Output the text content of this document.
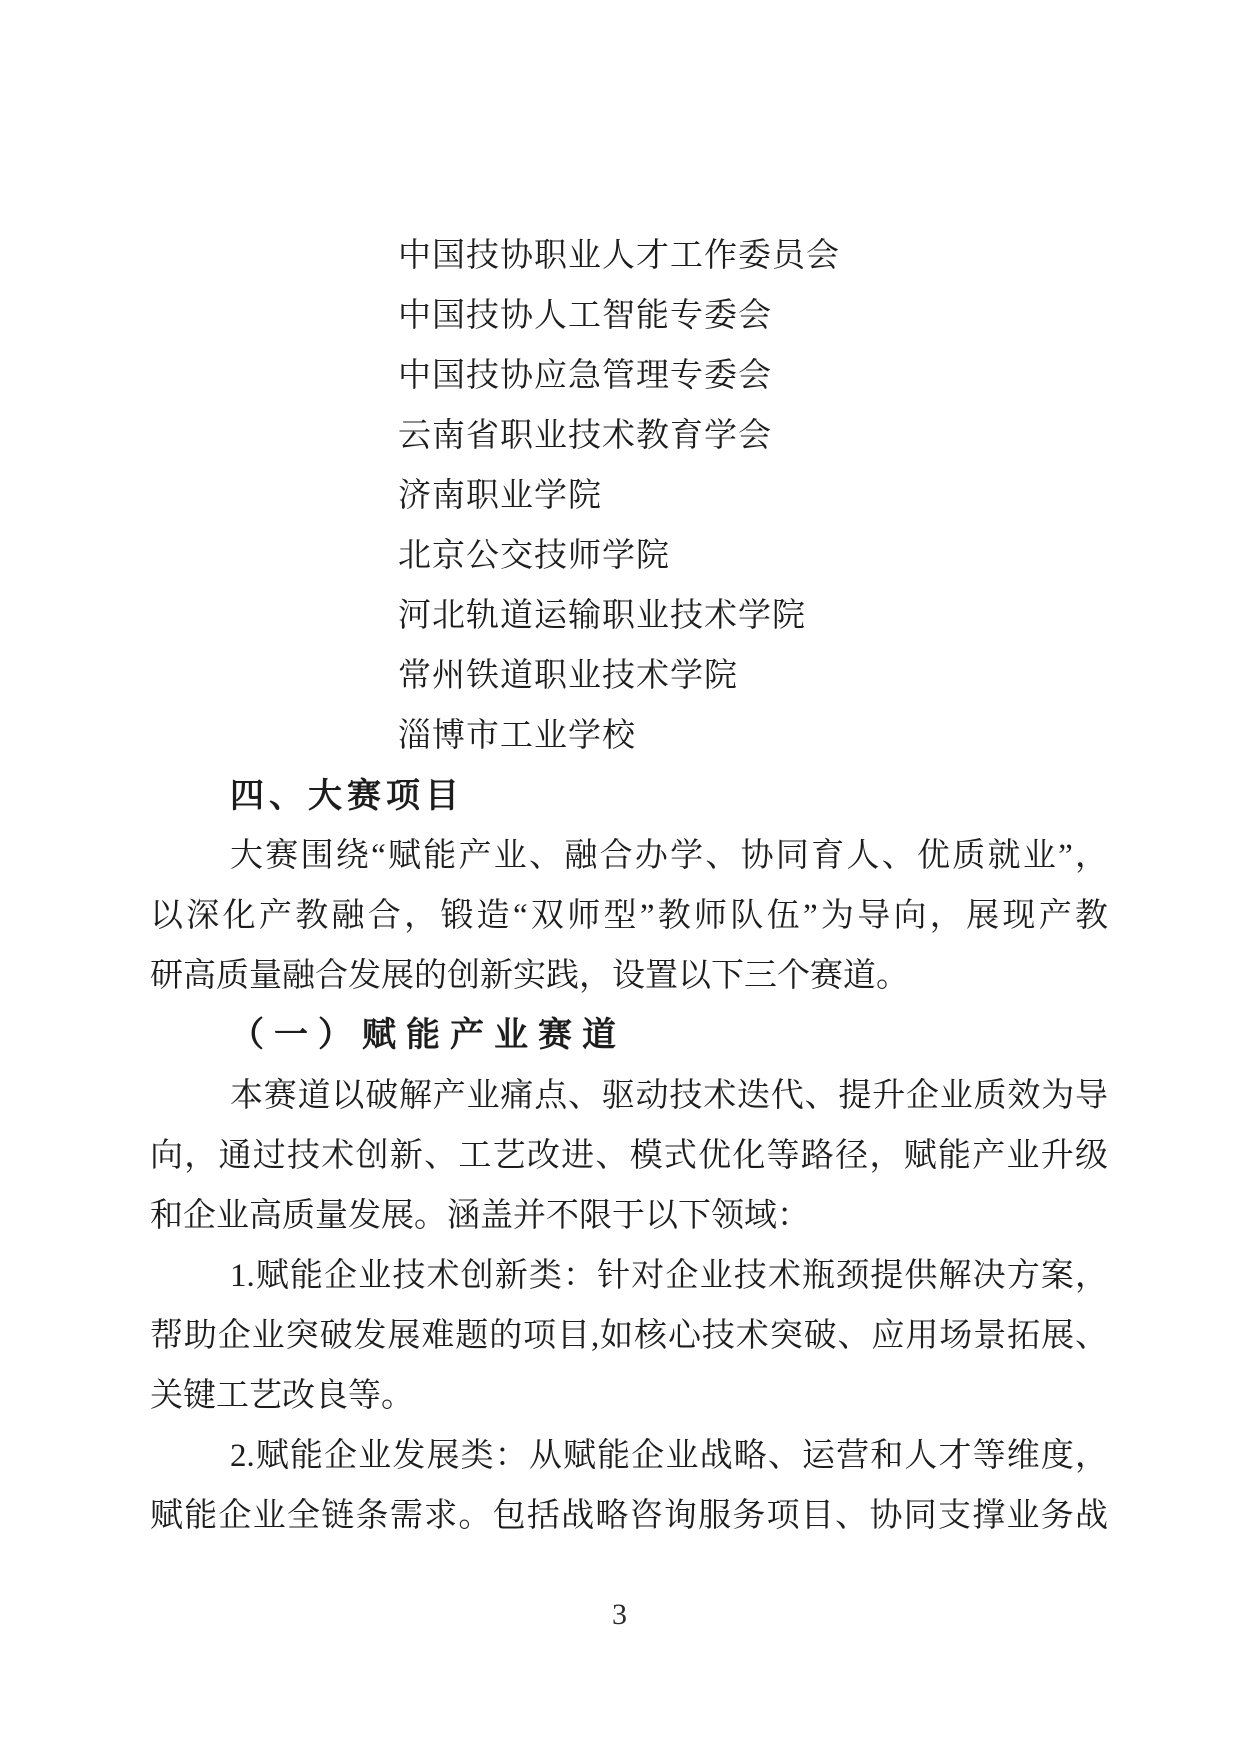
中国技协职业人才工作委员会
中国技协人工智能专委会
中国技协应急管理专委会
云南省职业技术教育学会
济南职业学院
北京公交技师学院
河北轨道运输职业技术学院
常州铁道职业技术学院
淄博市工业学校
四、大赛项目
大赛围绕“赋能产业、融合办学、协同育人、优质就业”，
以深化产教融合，锻造“双师型”教师队伍”为导向，展现产教
研高质量融合发展的创新实践，设置以下三个赛道。
（一）赋能产业赛道
本赛道以破解产业痛点、驱动技术迭代、提升企业质效为导
向，通过技术创新、工艺改进、模式优化等路径，赋能产业升级
和企业高质量发展。涵盖并不限于以下领域：
1.赋能企业技术创新类：针对企业技术瓶颈提供解决方案，
帮助企业突破发展难题的项目,如核心技术突破、应用场景拓展、
关键工艺改良等。
2.赋能企业发展类：从赋能企业战略、运营和人才等维度，
赋能企业全链条需求。包括战略咨询服务项目、协同支撑业务战
3
